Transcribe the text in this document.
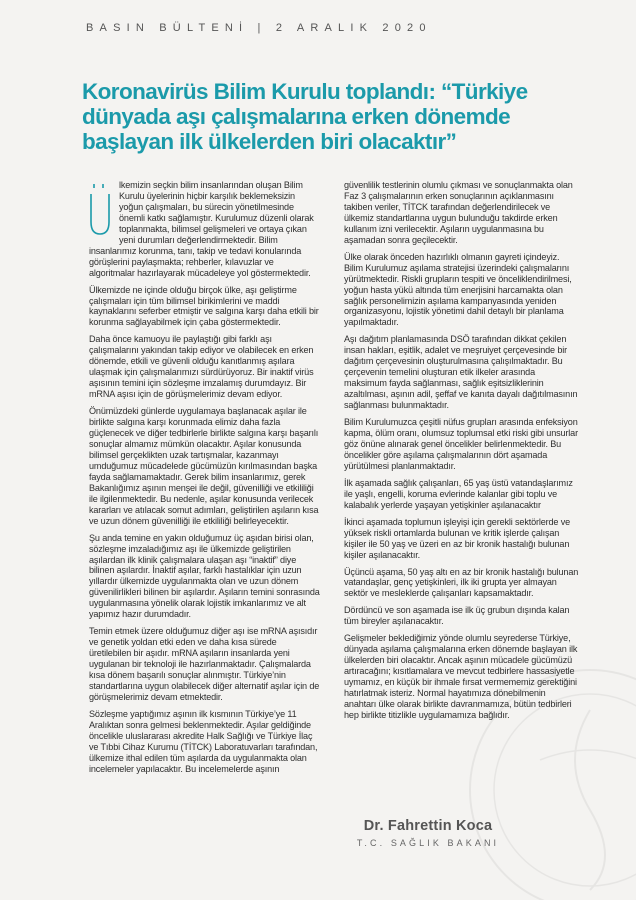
BASIN BÜLTENİ | 2 ARALIK 2020
Koronavirüs Bilim Kurulu toplandı: “Türkiye dünyada aşı çalışmalarına erken dönemde başlayan ilk ülkelerden biri olacaktır”

lkemizin seçkin bilim insanlarından oluşan Bilim Kurulu üyelerinin hiçbir karşılık beklemeksizin yoğun çalışmaları, bu sürecin yönetilmesinde önemli katkı sağlamıştır. Kurulumuz düzenli olarak toplanmakta, bilimsel gelişmeleri ve ortaya çıkan yeni durumları değerlendirmektedir. Bilim insanlarımız korunma, tanı, takip ve tedavi konularında görüşlerini paylaşmakta; rehberler, kılavuzlar ve algoritmalar hazırlayarak mücadeleye yol göstermektedir.

Ülkemizde ne içinde olduğu birçok ülke, aşı geliştirme çalışmaları için tüm bilimsel birikimlerini ve maddi kaynaklarını seferber etmiştir ve salgına karşı daha etkili bir korunma sağlayabilmek için çaba göstermektedir.

Daha önce kamuoyu ile paylaştığı gibi farklı aşı çalışmalarını yakından takip ediyor ve olabilecek en erken dönemde, etkili ve güvenli olduğu kanıtlanmış aşılara ulaşmak için çalışmalarımızı sürdürüyoruz. Bir inaktif virüs aşısının temini için sözleşme imzalamış durumdayız. Bir mRNA aşısı için de görüşmelerimiz devam ediyor.

Önümüzdeki günlerde uygulamaya başlanacak aşılar ile birlikte salgına karşı korunmada elimiz daha fazla güçlenecek ve diğer tedbirlerle birlikte salgına karşı başarılı sonuçlar almamız mümkün olacaktır. Aşılar konusunda bilimsel gerçeklikten uzak tartışmalar, kazanmayı umduğumuz mücadelede gücümüzün kırılmasından başka fayda sağlamamaktadır. Gerek bilim insanlarımız, gerek Bakanlığımız aşının menşei ile değil, güvenilliği ve etkililiği ile ilgilenmektedir. Bu nedenle, aşılar konusunda verilecek kararları ve atılacak somut adımları, geliştirilen aşıların kısa ve uzun dönem güvenilliği ile etkililiği belirleyecektir.

Şu anda temine en yakın olduğumuz üç aşıdan birisi olan, sözleşme imzaladığımız aşı ile ülkemizde geliştirilen aşılardan ilk klinik çalışmalara ulaşan aşı “inaktif” diye bilinen aşılardır. İnaktif aşılar, farklı hastalıklar için uzun yıllardır ülkemizde uygulanmakta olan ve uzun dönem güvenilirlikleri bilinen bir aşılardır. Aşıların temini sonrasında uygulanmasına yönelik olarak lojistik imkanlarımız ve alt yapımız hazır durumdadır.

Temin etmek üzere olduğumuz diğer aşı ise mRNA aşısıdır ve genetik yoldan etki eden ve daha kısa sürede üretilebilen bir aşıdır. mRNA aşıların insanlarda yeni uygulanan bir teknoloji ile hazırlanmaktadır. Çalışmalarda kısa dönem başarılı sonuçlar alınmıştır. Türkiye’nin standartlarına uygun olabilecek diğer alternatif aşılar için de görüşmelerimiz devam etmektedir.

Sözleşme yaptığımız aşının ilk kısmının Türkiye’ye 11 Aralıktan sonra gelmesi beklenmektedir. Aşılar geldiğinde öncelikle uluslararası akredite Halk Sağlığı ve Türkiye İlaç ve Tıbbi Cihaz Kurumu (TİTCK) Laboratuvarları tarafından, ülkemize ithal edilen tüm aşılarda da uygulanmakta olan incelemeler yapılacaktır. Bu incelemelerde aşının

güvenlilik testlerinin olumlu çıkması ve sonuçlanmakta olan Faz 3 çalışmalarının erken sonuçlarının açıklanmasını takiben veriler, TİTCK tarafından değerlendirilecek ve ülkemiz standartlarına uygun bulunduğu takdirde erken kullanım izni verilecektir. Aşıların uygulanmasına bu aşamadan sonra geçilecektir.

Ülke olarak önceden hazırlıklı olmanın gayreti içindeyiz. Bilim Kurulumuz aşılama stratejisi üzerindeki çalışmalarını yürütmektedir. Riskli grupların tespiti ve önceliklendirilmesi, yoğun hasta yükü altında tüm enerjisini harcamakta olan sağlık personelimizin aşılama kampanyasında yeniden organizasyonu, lojistik yönetimi dahil detaylı bir planlama yapılmaktadır.

Aşı dağıtım planlamasında DSÖ tarafından dikkat çekilen insan hakları, eşitlik, adalet ve meşruiyet çerçevesinde bir dağıtım çerçevesinin oluşturulmasına çalışılmaktadır. Bu çerçevenin temelini oluşturan etik ilkeler arasında maksimum fayda sağlanması, sağlık eşitsizliklerinin azaltılması, aşının adil, şeffaf ve kanıta dayalı dağıtılmasının sağlanması bulunmaktadır.

Bilim Kurulumuzca çeşitli nüfus grupları arasında enfeksiyon kapma, ölüm oranı, olumsuz toplumsal etki riski gibi unsurlar göz önüne alınarak genel öncelikler belirlenmektedir. Bu öncelikler göre aşılama çalışmalarının dört aşamada yürütülmesi planlanmaktadır.

İlk aşamada sağlık çalışanları, 65 yaş üstü vatandaşlarımız ile yaşlı, engelli, koruma evlerinde kalanlar gibi toplu ve kalabalık yerlerde yaşayan yetişkinler aşılanacaktır

İkinci aşamada toplumun işleyişi için gerekli sektörlerde ve yüksek riskli ortamlarda bulunan ve kritik işlerde çalışan kişiler ile 50 yaş ve üzeri en az bir kronik hastalığı bulunan kişiler aşılanacaktır.

Üçüncü aşama, 50 yaş altı en az bir kronik hastalığı bulunan vatandaşlar, genç yetişkinleri, ilk iki grupta yer almayan sektör ve mesleklerde çalışanları kapsamaktadır.

Dördüncü ve son aşamada ise ilk üç grubun dışında kalan tüm bireyler aşılanacaktır.

Gelişmeler beklediğimiz yönde olumlu seyrederse Türkiye, dünyada aşılama çalışmalarına erken dönemde başlayan ilk ülkelerden biri olacaktır. Ancak aşının mücadele gücümüzü artıracağını; kısıtlamalara ve mevcut tedbirlere hassasiyetle uymamız, en küçük bir ihmale fırsat vermememiz gerektiğini hatırlatmak isteriz. Normal hayatımıza dönebilmenin anahtarı ülke olarak birlikte davranmamıza, bütün tedbirleri hep birlikte titizlikle uygulamamıza bağlıdır.

Dr. Fahrettin Koca
T.C. SAĞLIK BAKANI
